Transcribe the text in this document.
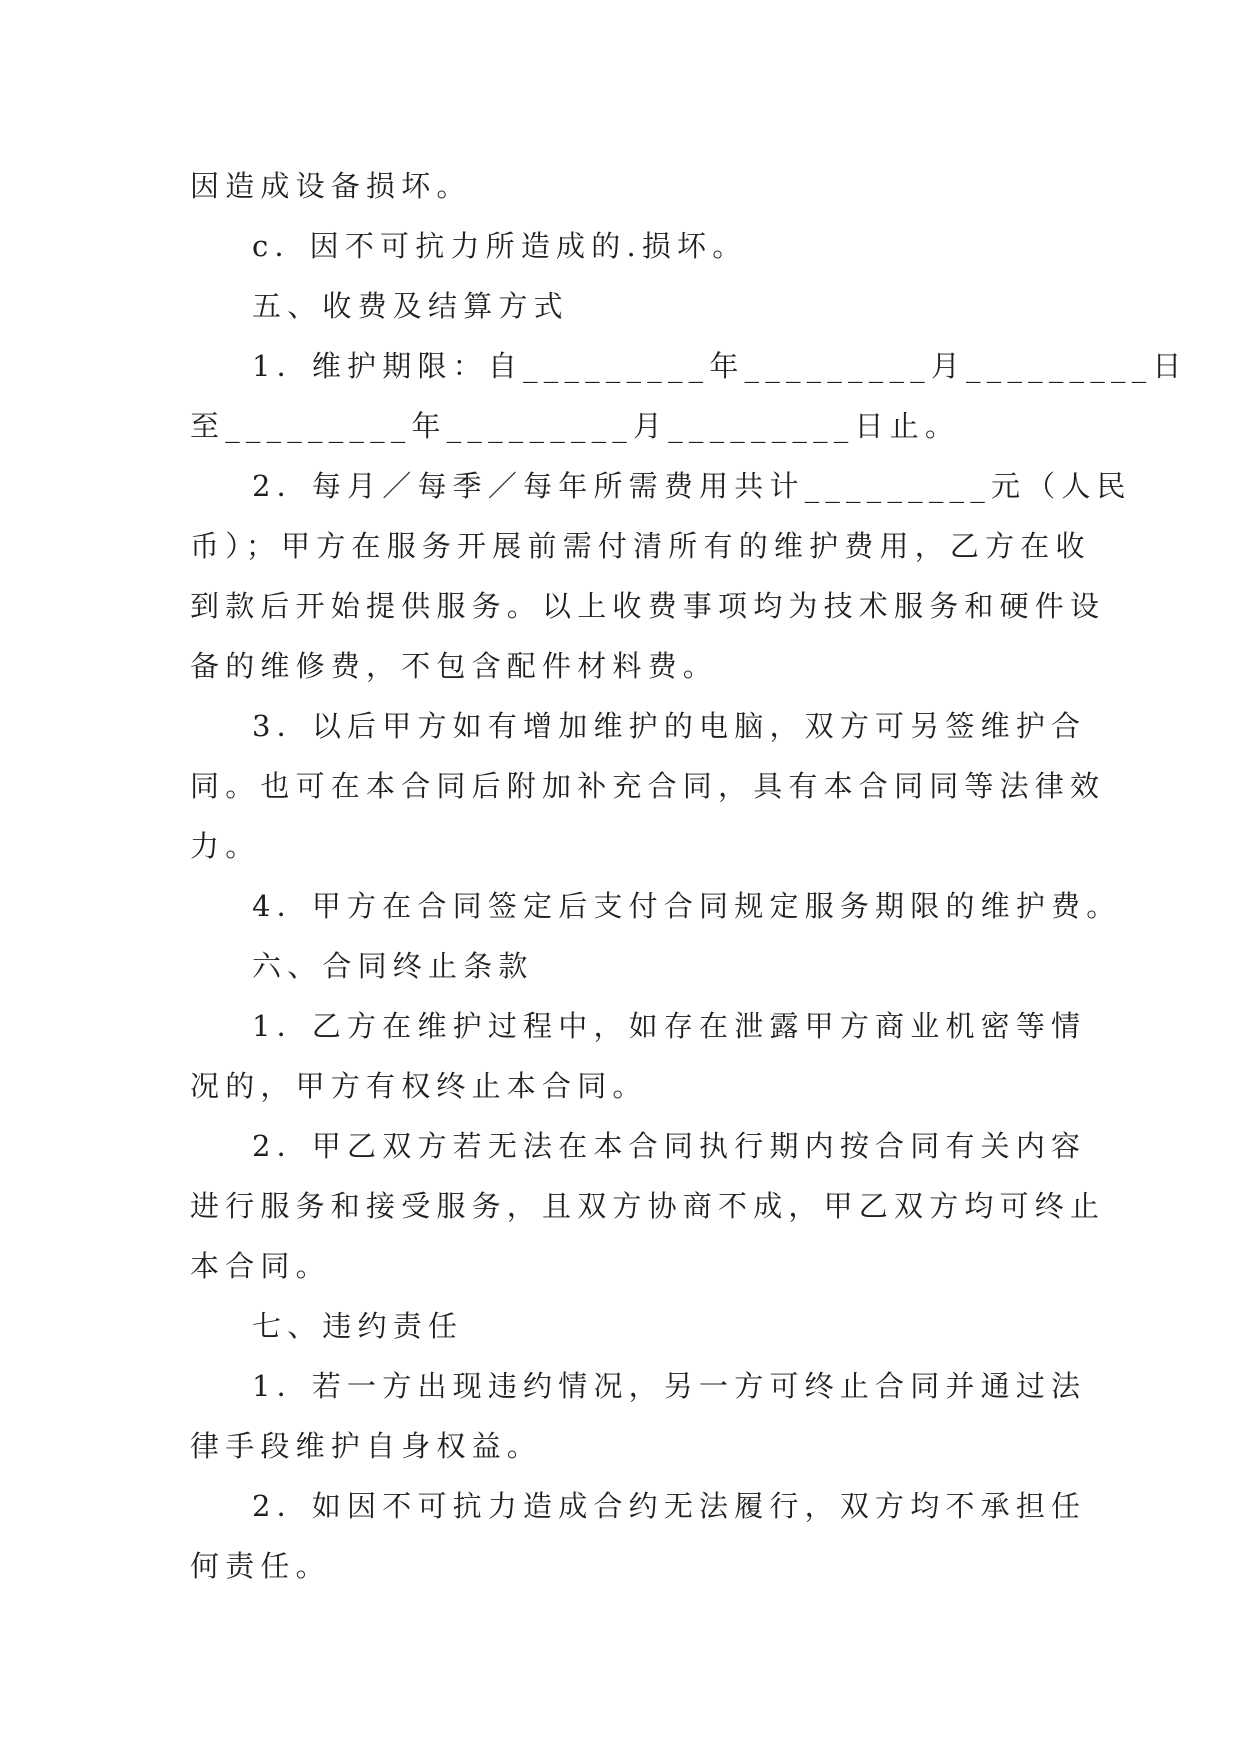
因造成设备损坏。

c．因不可抗力所造成的.损坏。

五、收费及结算方式

1．维护期限：自_________年_________月_________日

至_________年_________月_________日止。

2．每月／每季／每年所需费用共计_________元（人民

币）；甲方在服务开展前需付清所有的维护费用，乙方在收

到款后开始提供服务。以上收费事项均为技术服务和硬件设

备的维修费，不包含配件材料费。

3．以后甲方如有增加维护的电脑，双方可另签维护合

同。也可在本合同后附加补充合同，具有本合同同等法律效

力。

4．甲方在合同签定后支付合同规定服务期限的维护费。

六、合同终止条款

1．乙方在维护过程中，如存在泄露甲方商业机密等情

况的，甲方有权终止本合同。

2．甲乙双方若无法在本合同执行期内按合同有关内容

进行服务和接受服务，且双方协商不成，甲乙双方均可终止

本合同。

七、违约责任

1．若一方出现违约情况，另一方可终止合同并通过法

律手段维护自身权益。

2．如因不可抗力造成合约无法履行，双方均不承担任

何责任。
